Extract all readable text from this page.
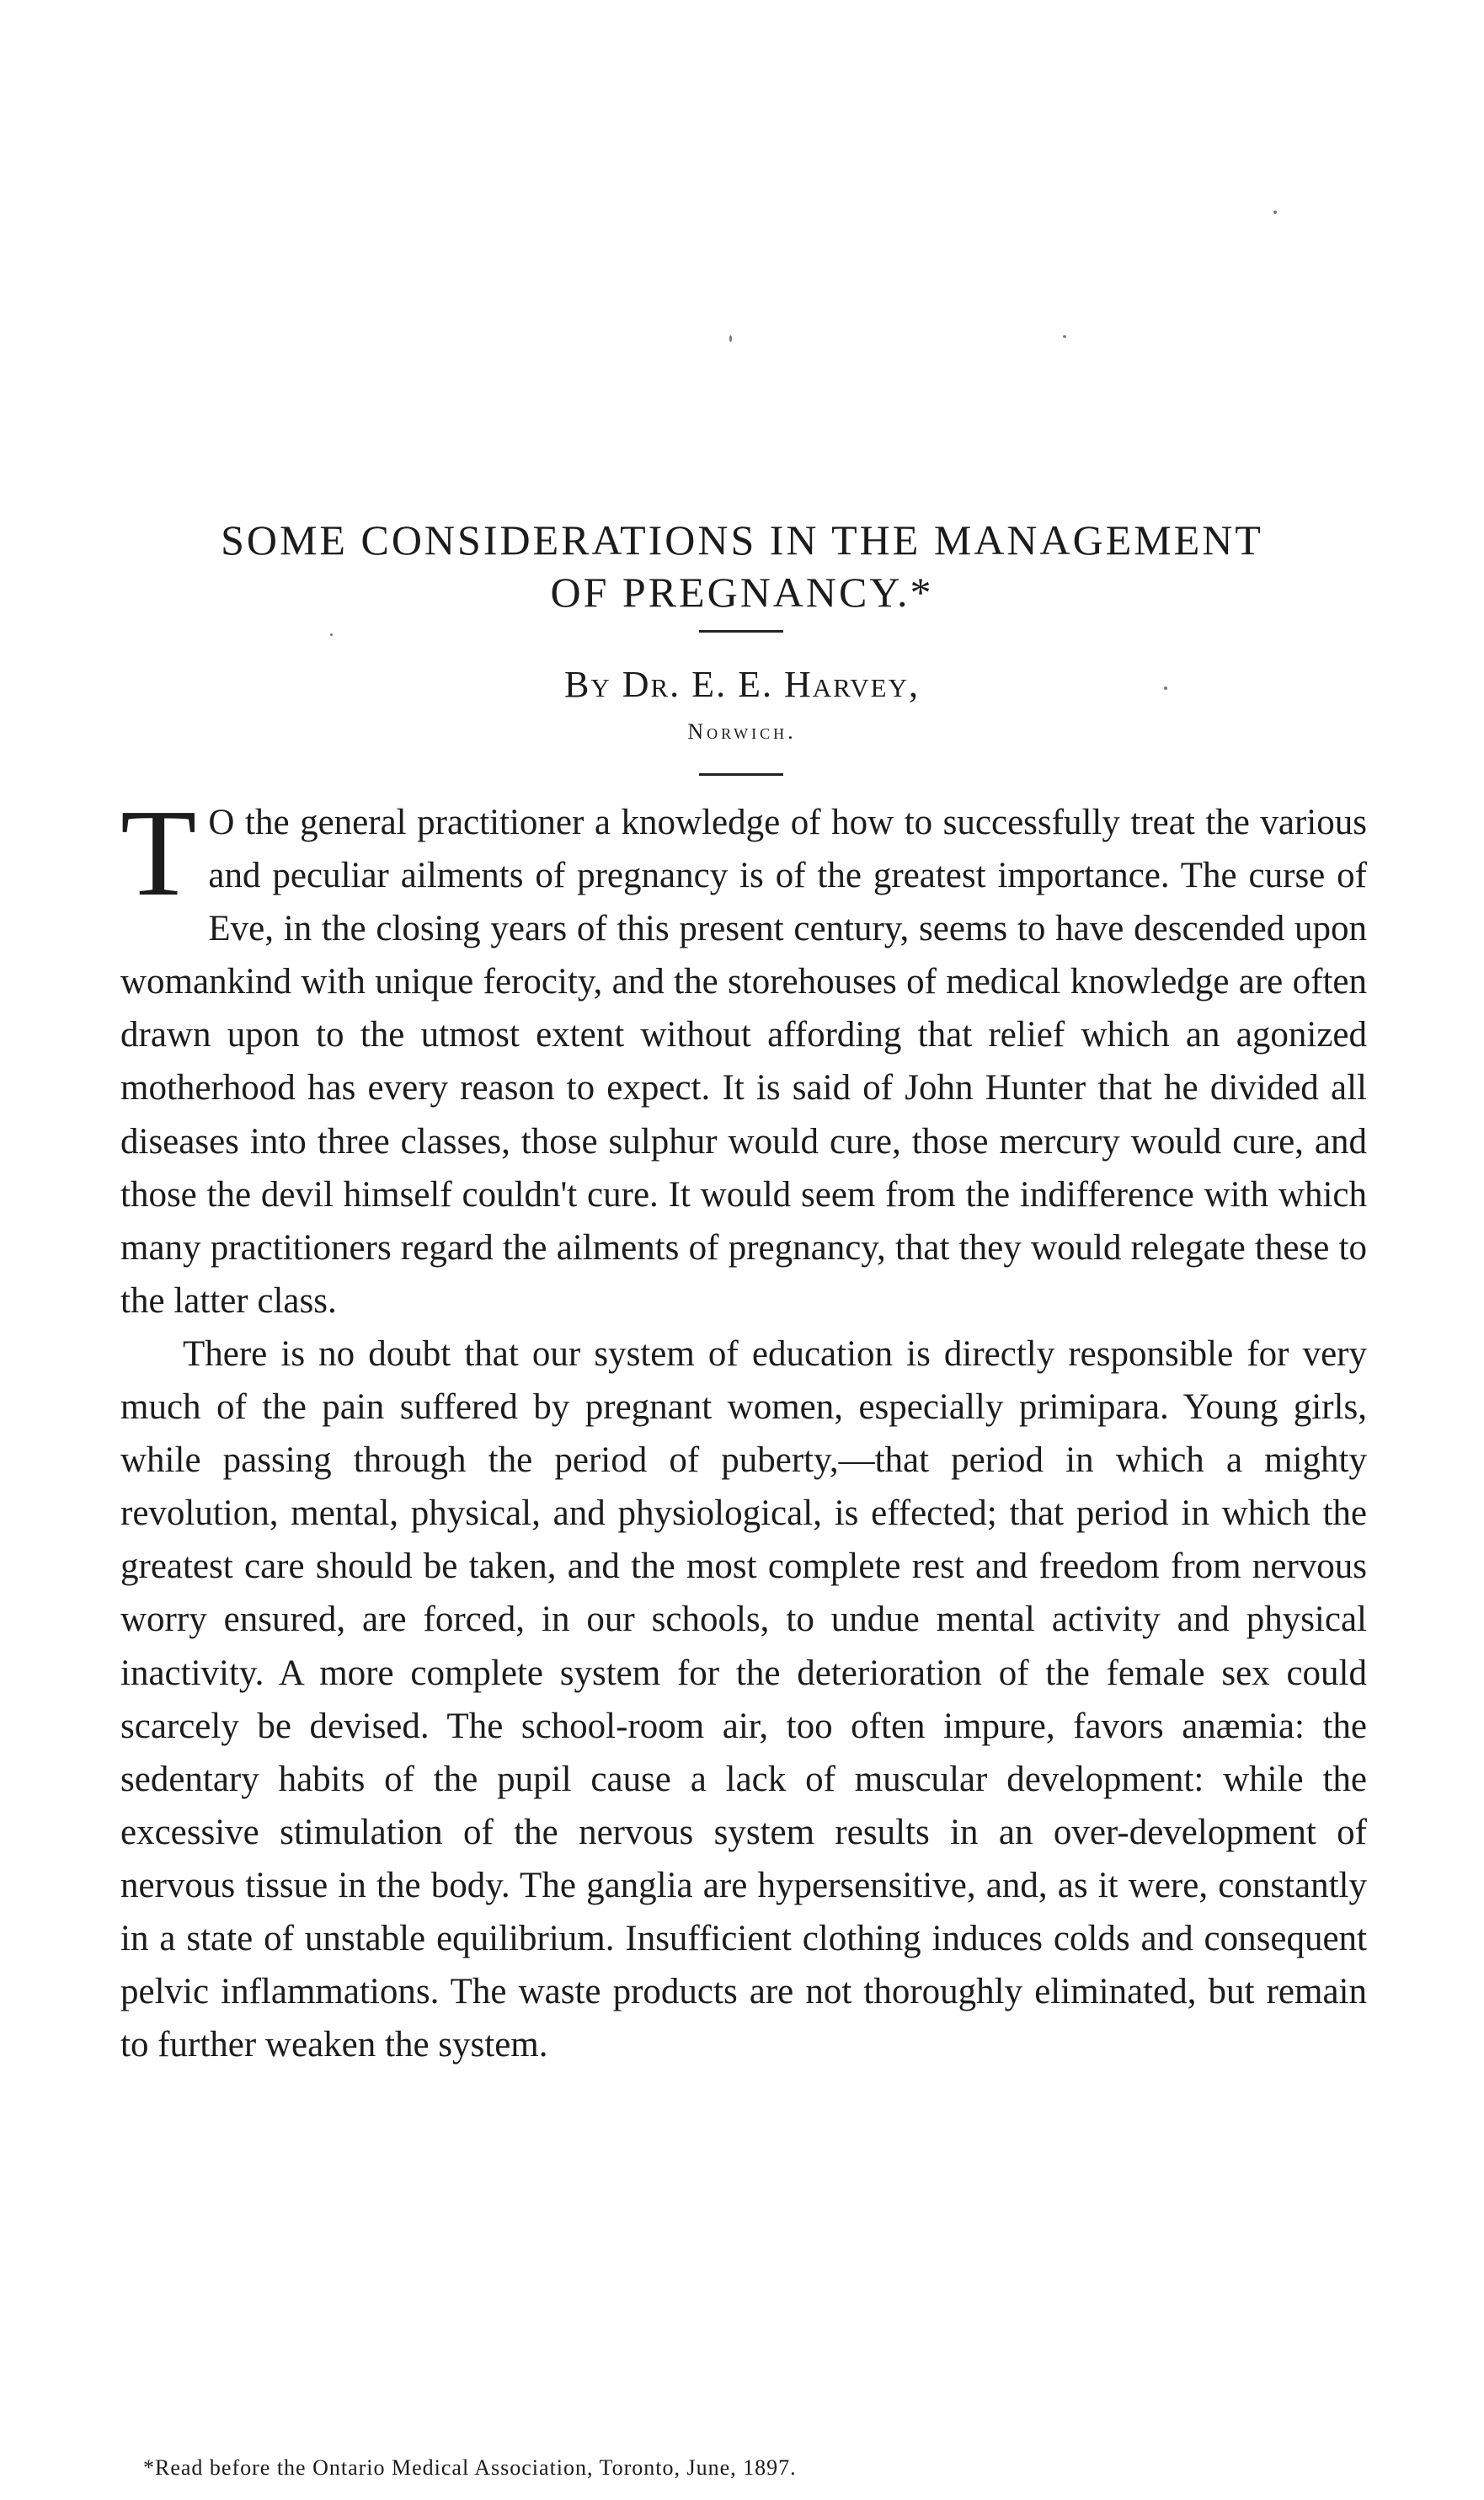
SOME CONSIDERATIONS IN THE MANAGEMENT
OF PREGNANCY.*
By Dr. E. E. Harvey,
Norwich.

T O the general practitioner a knowledge of how to successfully treat the various and peculiar ailments of pregnancy is of the greatest importance. The curse of Eve, in the closing years of this present century, seems to have descended upon womankind with unique ferocity, and the storehouses of medical knowledge are often drawn upon to the utmost extent without affording that relief which an agonized motherhood has every reason to expect. It is said of John Hunter that he divided all diseases into three classes, those sulphur would cure, those mercury would cure, and those the devil himself couldn't cure. It would seem from the indifference with which many practitioners regard the ailments of pregnancy, that they would relegate these to the latter class.

There is no doubt that our system of education is directly responsible for very much of the pain suffered by pregnant women, especially primipara. Young girls, while passing through the period of puberty,—that period in which a mighty revolution, mental, physical, and physiological, is effected; that period in which the greatest care should be taken, and the most complete rest and freedom from nervous worry ensured, are forced, in our schools, to undue mental activity and physical inactivity. A more complete system for the deterioration of the female sex could scarcely be devised. The school-room air, too often impure, favors anæmia: the sedentary habits of the pupil cause a lack of muscular development: while the excessive stimulation of the nervous system results in an over-development of nervous tissue in the body. The ganglia are hypersensitive, and, as it were, constantly in a state of unstable equilibrium. Insufficient clothing induces colds and consequent pelvic inflammations. The waste products are not thoroughly eliminated, but remain to further weaken the system.

*Read before the Ontario Medical Association, Toronto, June, 1897.
